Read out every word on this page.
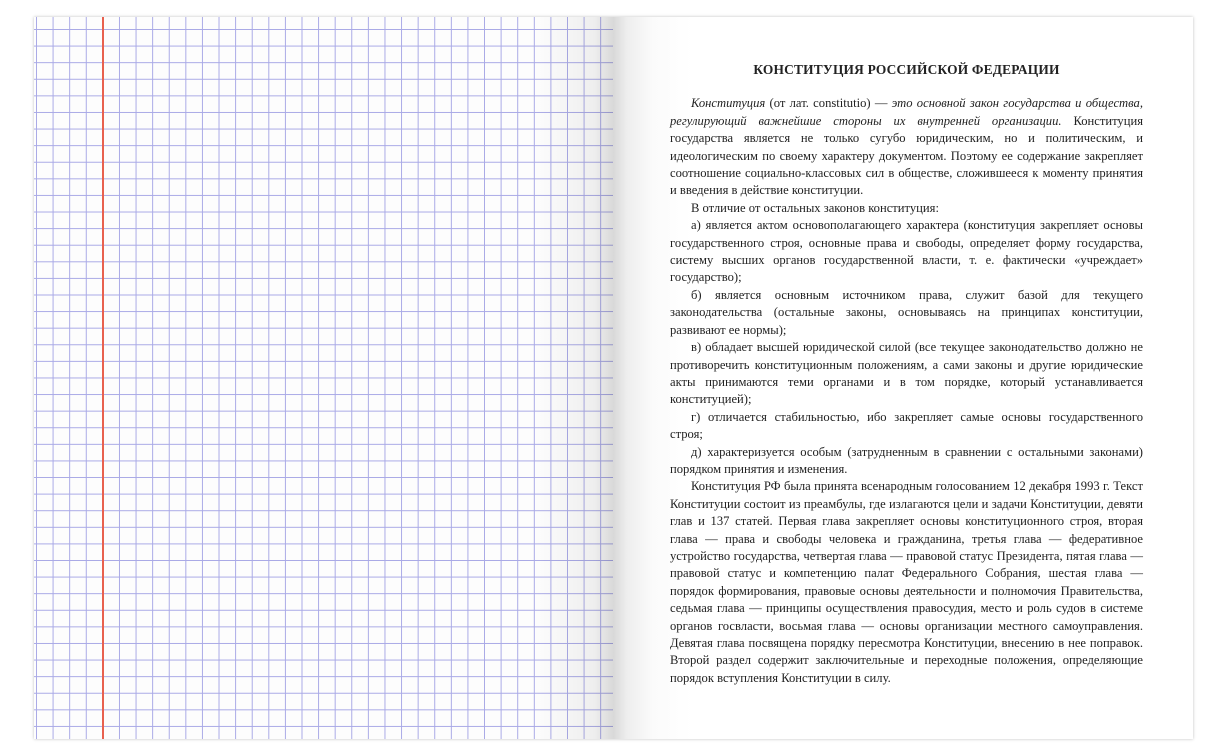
КОНСТИТУЦИЯ РОССИЙСКОЙ ФЕДЕРАЦИИ

Конституция (от лат. constitutio) — это основной закон государства и общества, регулирующий важнейшие стороны их внутренней организации. Конституция государства является не только сугубо юридическим, но и политическим, и идеологическим по своему характеру документом. Поэтому ее содержание закрепляет соотношение социально-классовых сил в обществе, сложившееся к моменту принятия и введения в действие конституции.

В отличие от остальных законов конституция:

а) является актом основополагающего характера (конституция закрепляет основы государственного строя, основные права и свободы, определяет форму государства, систему высших органов государственной власти, т. е. фактически «учреждает» государство);

б) является основным источником права, служит базой для текущего законодательства (остальные законы, основываясь на принципах конституции, развивают ее нормы);

в) обладает высшей юридической силой (все текущее законодательство должно не противоречить конституционным положениям, а сами законы и другие юридические акты принимаются теми органами и в том порядке, который устанавливается конституцией);

г) отличается стабильностью, ибо закрепляет самые основы государственного строя;

д) характеризуется особым (затрудненным в сравнении с остальными законами) порядком принятия и изменения.

Конституция РФ была принята всенародным голосованием 12 декабря 1993 г. Текст Конституции состоит из преамбулы, где излагаются цели и задачи Конституции, девяти глав и 137 статей. Первая глава закрепляет основы конституционного строя, вторая глава — права и свободы человека и гражданина, третья глава — федеративное устройство государства, четвертая глава — правовой статус Президента, пятая глава — правовой статус и компетенцию палат Федерального Собрания, шестая глава — порядок формирования, правовые основы деятельности и полномочия Правительства, седьмая глава — принципы осуществления правосудия, место и роль судов в системе органов госвласти, восьмая глава — основы организации местного самоуправления. Девятая глава посвящена порядку пересмотра Конституции, внесению в нее поправок. Второй раздел содержит заключительные и переходные положения, определяющие порядок вступления Конституции в силу.
